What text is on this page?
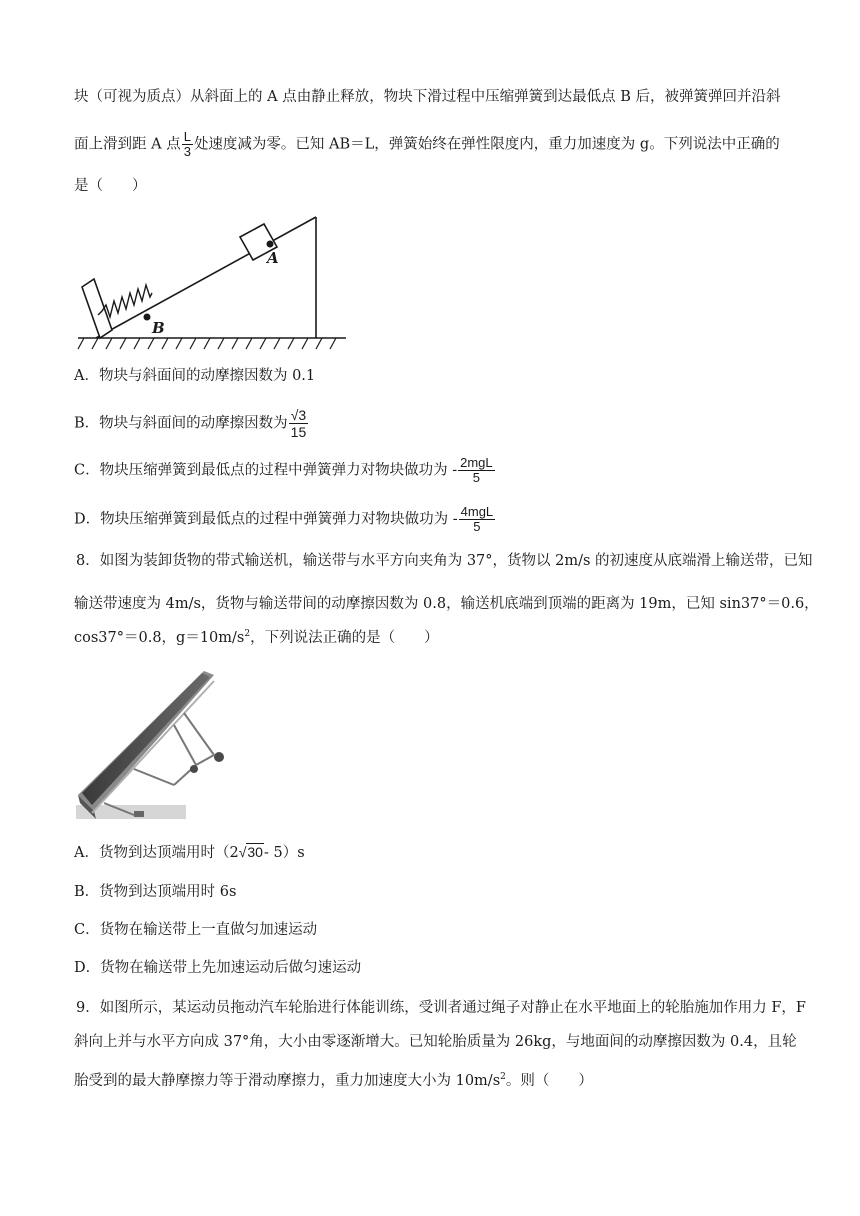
块（可视为质点）从斜面上的 A 点由静止释放，物块下滑过程中压缩弹簧到达最低点 B 后，被弹簧弹回并沿斜
面上滑到距 A 点 $\frac{L}{3}$ 处速度减为零。已知 AB＝L，弹簧始终在弹性限度内，重力加速度为 g。下列说法中正确的
是（　　）
A
B
A．物块与斜面间的动摩擦因数为 0.1
B．物块与斜面间的动摩擦因数为 $\frac{√3}{15}$
C．物块压缩弹簧到最低点的过程中弹簧弹力对物块做功为 - $\frac{\text{2mgL}}{5}$
D．物块压缩弹簧到最低点的过程中弹簧弹力对物块做功为 - $\frac{\text{4mgL}}{5}$
8．如图为装卸货物的带式输送机，输送带与水平方向夹角为 37°，货物以 2m/s 的初速度从底端滑上输送带，已知
输送带速度为 4m/s，货物与输送带间的动摩擦因数为 0.8，输送机底端到顶端的距离为 19m，已知 sin37°＝0.6，
cos37°＝0.8，$g=10m/s^2$，下列说法正确的是（　　）
A．货物到达顶端用时（2√30- 5）s
B．货物到达顶端用时 6s
C．货物在输送带上一直做匀加速运动
D．货物在输送带上先加速运动后做匀速运动
9．如图所示，某运动员拖动汽车轮胎进行体能训练，受训者通过绳子对静止在水平地面上的轮胎施加作用力 F，F
斜向上并与水平方向成 37°角，大小由零逐渐增大。已知轮胎质量为 26kg，与地面间的动摩擦因数为 0.4，且轮
胎受到的最大静摩擦力等于滑动摩擦力，重力加速度大小为 $10m/s^2$。则（　　）
